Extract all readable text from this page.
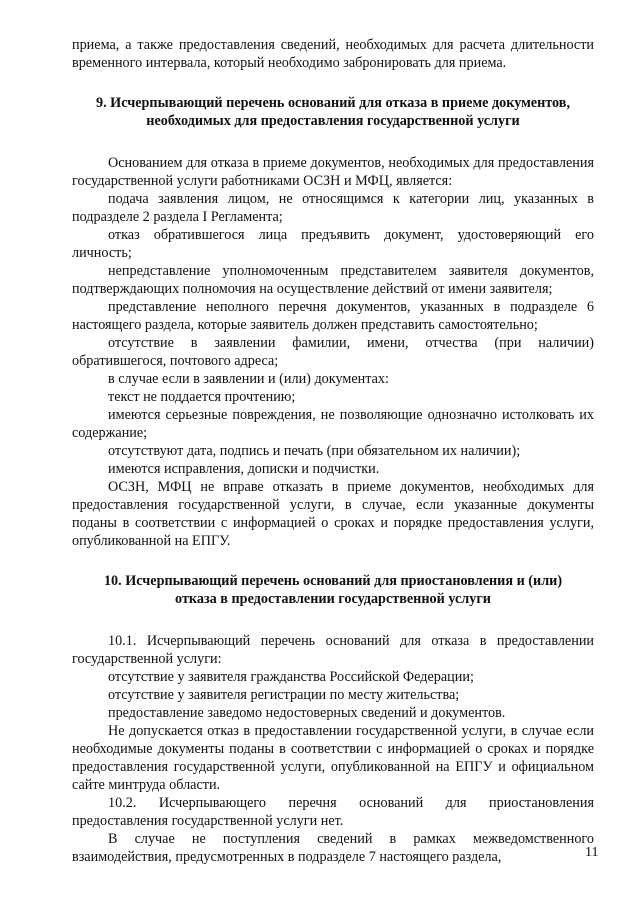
приема, а также предоставления сведений, необходимых для расчета длительности временного интервала, который необходимо забронировать для приема.

9. Исчерпывающий перечень оснований для отказа в приеме документов,
необходимых для предоставления государственной услуги

Основанием для отказа в приеме документов, необходимых для предоставления государственной услуги работниками ОСЗН и МФЦ, является:

подача заявления лицом, не относящимся к категории лиц, указанных в подразделе 2 раздела I Регламента;

отказ обратившегося лица предъявить документ, удостоверяющий его личность;

непредставление уполномоченным представителем заявителя документов, подтверждающих полномочия на осуществление действий от имени заявителя;

представление неполного перечня документов, указанных в подразделе 6 настоящего раздела, которые заявитель должен представить самостоятельно;

отсутствие в заявлении фамилии, имени, отчества (при наличии) обратившегося, почтового адреса;

в случае если в заявлении и (или) документах:

текст не поддается прочтению;

имеются серьезные повреждения, не позволяющие однозначно истолковать их содержание;

отсутствуют дата, подпись и печать (при обязательном их наличии);

имеются исправления, дописки и подчистки.

ОСЗН, МФЦ не вправе отказать в приеме документов, необходимых для предоставления государственной услуги, в случае, если указанные документы поданы в соответствии с информацией о сроках и порядке предоставления услуги, опубликованной на ЕПГУ.

10. Исчерпывающий перечень оснований для приостановления и (или)
отказа в предоставлении государственной услуги

10.1. Исчерпывающий перечень оснований для отказа в предоставлении государственной услуги:

отсутствие у заявителя гражданства Российской Федерации;

отсутствие у заявителя регистрации по месту жительства;

предоставление заведомо недостоверных сведений и документов.

Не допускается отказ в предоставлении государственной услуги, в случае если необходимые документы поданы в соответствии с информацией о сроках и порядке предоставления государственной услуги, опубликованной на ЕПГУ и официальном сайте минтруда области.

10.2. Исчерпывающего перечня оснований для приостановления предоставления государственной услуги нет.

В случае не поступления сведений в рамках межведомственного взаимодействия, предусмотренных в подразделе 7 настоящего раздела,	11
